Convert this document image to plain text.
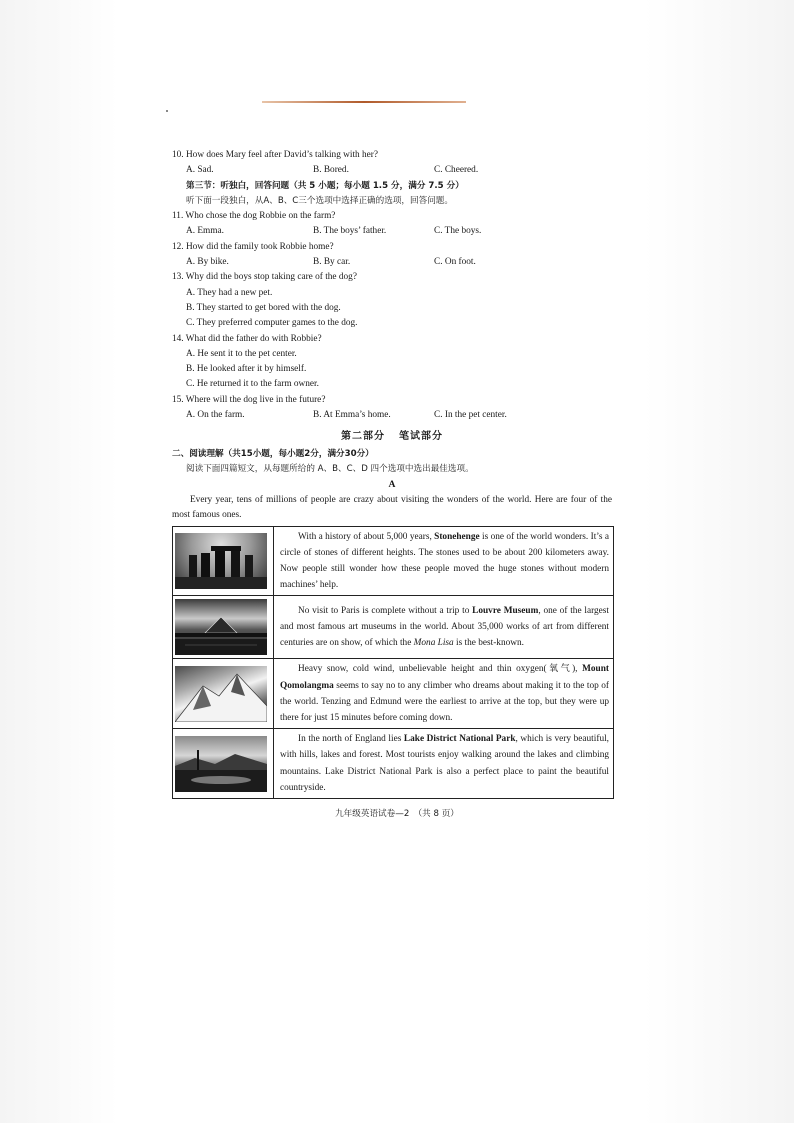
10. How does Mary feel after David’s talking with her?
A. Sad.	B. Bored.	C. Cheered.
第三节：听独白，回答问题（共 5 小题；每小题 1.5 分，满分 7.5 分）
听下面一段独白，从A、B、C三个选项中选择正确的选项，回答问题。
11. Who chose the dog Robbie on the farm?
A. Emma.	B. The boys’ father.	C. The boys.
12. How did the family took Robbie home?
A. By bike.	B. By car.	C. On foot.
13. Why did the boys stop taking care of the dog?
A. They had a new pet.
B. They started to get bored with the dog.
C. They preferred computer games to the dog.
14. What did the father do with Robbie?
A. He sent it to the pet center.
B. He looked after it by himself.
C. He returned it to the farm owner.
15. Where will the dog live in the future?
A. On the farm.	B. At Emma’s home.	C. In the pet center.
第二部分 笔试部分
二、阅读理解（共15小题，每小题2分，满分30分）
阅读下面四篇短文，从每题所给的 A、B、C、D 四个选项中选出最佳选项。
A
Every year, tens of millions of people are crazy about visiting the wonders of the world. Here are four of the most famous ones.
	With a history of about 5,000 years, Stonehenge is one of the world wonders. It’s a circle of stones of different heights. The stones used to be about 200 kilometers away. Now people still wonder how these people moved the huge stones without modern machines’ help.

	No visit to Paris is complete without a trip to Louvre Museum, one of the largest and most famous art museums in the world. About 35,000 works of art from different centuries are on show, of which the Mona Lisa is the best-known.

	Heavy snow, cold wind, unbelievable height and thin oxygen(氧气), Mount Qomolangma seems to say no to any climber who dreams about making it to the top of the world. Tenzing and Edmund were the earliest to arrive at the top, but they were up there for just 15 minutes before coming down.

	In the north of England lies Lake District National Park, which is very beautiful, with hills, lakes and forest. Most tourists enjoy walking around the lakes and climbing mountains. Lake District National Park is also a perfect place to paint the beautiful countryside.
九年级英语试卷—2　（共 8 页）
